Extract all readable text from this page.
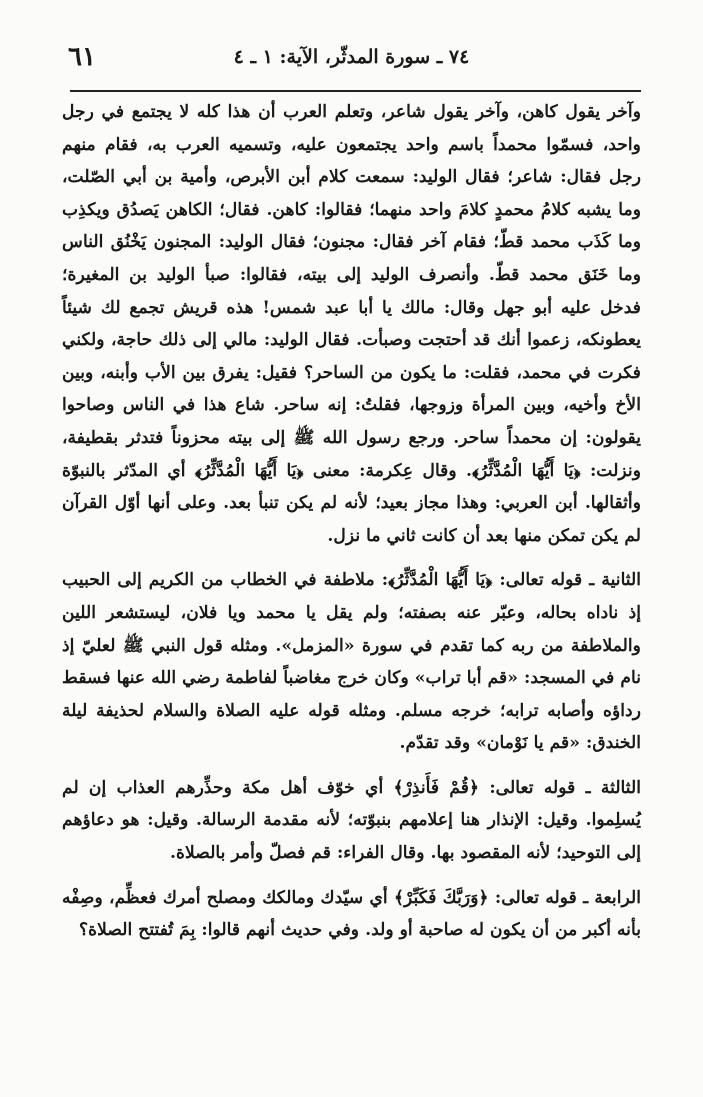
٧٤ ـ سورة المدثّر، الآية: ١ ـ ٤
٦١

وآخر يقول كاهن، وآخر يقول شاعر، وتعلم العرب أن هذا كله لا يجتمع في رجل واحد، فسمّوا محمداً باسم واحد يجتمعون عليه، وتسميه العرب به، فقام منهم رجل فقال: شاعر؛ فقال الوليد: سمعت كلام أبن الأبرص، وأمية بن أبي الصّلت، وما يشبه كلامُ محمدٍ كلامَ واحد منهما؛ فقالوا: كاهن. فقال؛ الكاهن يَصدُق ويكذِب وما كَذَب محمد قطّ؛ فقام آخر فقال: مجنون؛ فقال الوليد: المجنون يَخْنُق الناس وما خَنَق محمد قطّ. وأنصرف الوليد إلى بيته، فقالوا: صبأ الوليد بن المغيرة؛ فدخل عليه أبو جهل وقال: مالك يا أبا عبد شمس! هذه قريش تجمع لك شيئاً يعطونكه، زعموا أنك قد أحتجت وصبأت. فقال الوليد: مالي إلى ذلك حاجة، ولكني فكرت في محمد، فقلت: ما يكون من الساحر؟ فقيل: يفرق بين الأب وأبنه، وبين الأخ وأخيه، وبين المرأة وزوجها، فقلتُ: إنه ساحر. شاع هذا في الناس وصاحوا يقولون: إن محمداً ساحر. ورجع رسول الله ﷺ إلى بيته محزوناً فتدثر بقطيفة، ونزلت: ﴿يَا أَيُّهَا الْمُدَّثِّرُ﴾. وقال عِكرمة: معنى ﴿يَا أَيُّهَا الْمُدَّثِّرُ﴾ أي المدّثر بالنبوّة وأثقالها. أبن العربي: وهذا مجاز بعيد؛ لأنه لم يكن تنبأ بعد. وعلى أنها أوّل القرآن لم يكن تمكن منها بعد أن كانت ثاني ما نزل.

الثانية ـ قوله تعالى: ﴿يَا أَيُّهَا الْمُدَّثِّرُ﴾: ملاطفة في الخطاب من الكريم إلى الحبيب إذ ناداه بحاله، وعبّر عنه بصفته؛ ولم يقل يا محمد ويا فلان، ليستشعر اللين والملاطفة من ربه كما تقدم في سورة «المزمل». ومثله قول النبي ﷺ لعليّ إذ نام في المسجد: «قم أبا تراب» وكان خرج مغاضباً لفاطمة رضي الله عنها فسقط رداؤه وأصابه ترابه؛ خرجه مسلم. ومثله قوله عليه الصلاة والسلام لحذيفة ليلة الخندق: «قم يا نَوْمان» وقد تقدّم.

الثالثة ـ قوله تعالى: ﴿قُمْ فَأَنذِرْ﴾ أي خوّف أهل مكة وحذِّرهم العذاب إن لم يُسلِموا. وقيل: الإنذار هنا إعلامهم بنبوّته؛ لأنه مقدمة الرسالة. وقيل: هو دعاؤهم إلى التوحيد؛ لأنه المقصود بها. وقال الفراء: قم فصلّ وأمر بالصلاة.

الرابعة ـ قوله تعالى: ﴿وَرَبَّكَ فَكَبِّرْ﴾ أي سيّدك ومالكك ومصلح أمرك فعظِّم، وصِفْه بأنه أكبر من أن يكون له صاحبة أو ولد. وفي حديث أنهم قالوا: بِمَ تُفتتح الصلاة؟
